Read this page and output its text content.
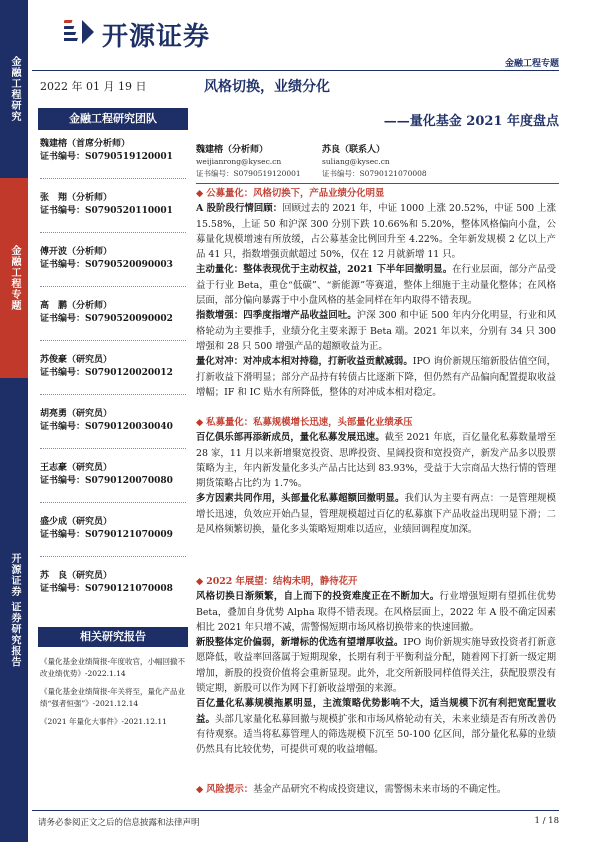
金融工程研究
金融工程专题
开源证券 证券研究报告
开源证券
金融工程专题
2022 年 01 月 19 日	风格切换，业绩分化
——量化基金 2021 年度盘点
金融工程研究团队
魏建榕（首席分析师）
证书编号：S0790519120001
张　翔（分析师）
证书编号：S0790520110001
傅开波（分析师）
证书编号：S0790520090003
高　鹏（分析师）
证书编号：S0790520090002
苏俊豪（研究员）
证书编号：S0790120020012
胡亮勇（研究员）
证书编号：S0790120030040
王志豪（研究员）
证书编号：S0790120070080
盛少成（研究员）
证书编号：S0790121070009
苏　良（研究员）
证书编号：S0790121070008
相关研究报告
《量化基金业绩简报-年度收官，小幅回撤不改业绩优势》-2022.1.14
《量化基金业绩简报-年关将至，量化产品业绩“强者恒强”》-2021.12.14
《2021 年量化大事件》-2021.12.11
魏建榕（分析师）
weijianrong@kysec.cn
证书编号：S0790519120001
苏良（联系人）
suliang@kysec.cn
证书编号：S0790121070008
◆ 公募量化：风格切换下，产品业绩分化明显
A 股阶段行情回顾：回顾过去的 2021 年，中证 1000 上涨 20.52%，中证 500 上涨 15.58%，上证 50 和沪深 300 分别下跌 10.66%和 5.20%，整体风格偏向小盘，公募量化规模增速有所放缓，占公募基金比例回升至 4.22%。全年新发规模 2 亿以上产品 41 只，指数增强贡献超过 50%，仅在 12 月就新增 11 只。
主动量化：整体表现优于主动权益，2021 下半年回撤明显。在行业层面，部分产品受益于行业 Beta，重仓“低碳”、“新能源”等赛道，整体上细施于主动量化整体；在风格层面，部分偏向暴露于中小盘风格的基金同样在年内取得不错表现。
指数增强：四季度指增产品收益回吐。沪深 300 和中证 500 年内分化明显，行业和风格轮动为主要推手，业绩分化主要来源于 Beta 端。2021 年以来，分别有 34 只 300 增强和 28 只 500 增强产品的超额收益为正。
量化对冲：对冲成本相对持稳，打新收益贡献减弱。IPO 询价新规压缩新股估值空间，打新收益下滑明显；部分产品持有转债占比逐渐下降，但仍然有产品偏向配置提取收益增幅；IF 和 IC 贴水有所降低，整体的对冲成本相对稳定。
◆ 私募量化：私募规模增长迅速，头部量化业绩承压
百亿俱乐部再添新成员，量化私募发展迅速。截至 2021 年底，百亿量化私募数量增至 28 家，11 月以来新增聚宽投资、思晔投资、星阔投资和宽投资产，新发产品多以股票策略为主，年内新发量化多头产品占比达到 83.93%，受益于大宗商品大热行情的管理期货策略占比约为 1.7%。
多方因素共同作用，头部量化私募超额回撤明显。我们认为主要有两点：一是管理规模增长迅速，负效应开始凸显，管理规模超过百亿的私募旗下产品收益出现明显下滑；二是风格频繁切换，量化多头策略短期难以适应，业绩回调程度加深。
◆ 2022 年展望：结构未明，静待花开
风格切换日渐频繁，自上而下的投资难度正在不断加大。行业增强短期有望抓住优势 Beta，叠加自身优势 Alpha 取得不错表现。在风格层面上，2022 年 A 股不确定因素相比 2021 年只增不减，需警惕短期市场风格切换带来的快速回撤。
新股整体定价偏弱，新增标的优选有望增厚收益。IPO 询价新规实施导致投资者打新意愿降低，收益率回落属于短期现象，长期有利于平衡利益分配，随着网下打新一级定期增加，新股的投资价值将会重新显现。此外，北交所新股同样值得关注，获配股票没有锁定期，新股可以作为网下打新收益增强的来源。
百亿量化私募规模拖累明显，主流策略优势影响不大，适当规模下沉有利把宽配置收益。头部几家量化私募回撤与规模扩张和市场风格轮动有关，未来业绩是否有所改善仍有待观察。适当将私募管理人的筛选规模下沉至 50-100 亿区间，部分量化私募的业绩仍然具有比较优势，可提供可观的收益增幅。
◆ 风险提示：基金产品研究不构成投资建议，需警惕未来市场的不确定性。
请务必参阅正文之后的信息披露和法律声明	1 / 18
